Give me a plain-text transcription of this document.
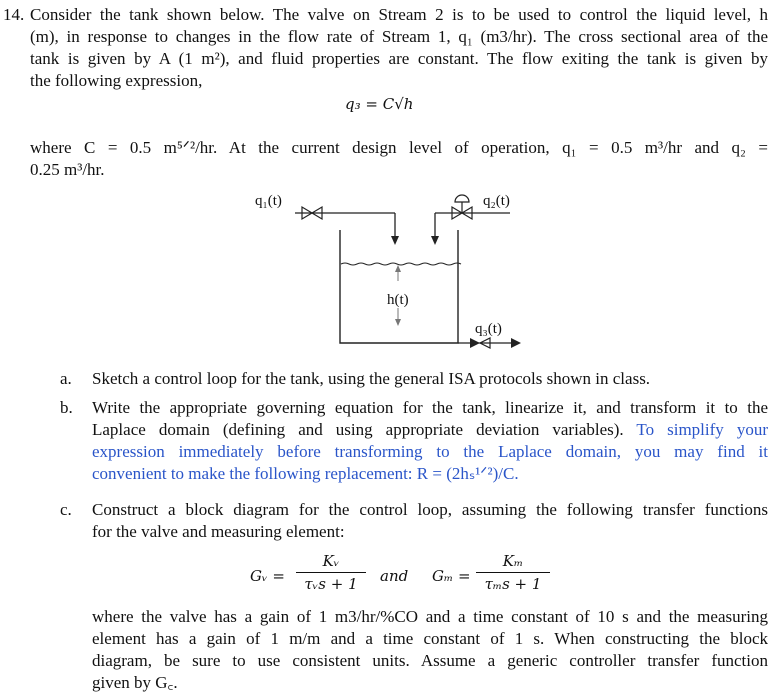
14. Consider the tank shown below. The valve on Stream 2 is to be used to control the liquid level, h
(m), in response to changes in the flow rate of Stream 1, q₁ (m3/hr). The cross sectional area of the
tank is given by A (1 m²), and fluid properties are constant. The flow exiting the tank is given by
the following expression,
q₃ = C√h
where C = 0.5 m⁵ᐟ²/hr. At the current design level of operation, q₁ = 0.5 m³/hr and q₂ =
0.25 m³/hr.
q₁(t)	q₂(t)
h(t)
q₃(t)
a. Sketch a control loop for the tank, using the general ISA protocols shown in class.
b. Write the appropriate governing equation for the tank, linearize it, and transform it to the
Laplace domain (defining and using appropriate deviation variables). To simplify your
expression immediately before transforming to the Laplace domain, you may find it
convenient to make the following replacement: R = (2hₛ¹ᐟ²)/C.
c. Construct a block diagram for the control loop, assuming the following transfer functions
for the valve and measuring element:
Gᵥ =
Kᵥ
τᵥs + 1	and Gₘ =
Kₘ
τₘs + 1
where the valve has a gain of 1 m3/hr/%CO and a time constant of 10 s and the measuring
element has a gain of 1 m/m and a time constant of 1 s. When constructing the block
diagram, be sure to use consistent units. Assume a generic controller transfer function
given by G꜀.
